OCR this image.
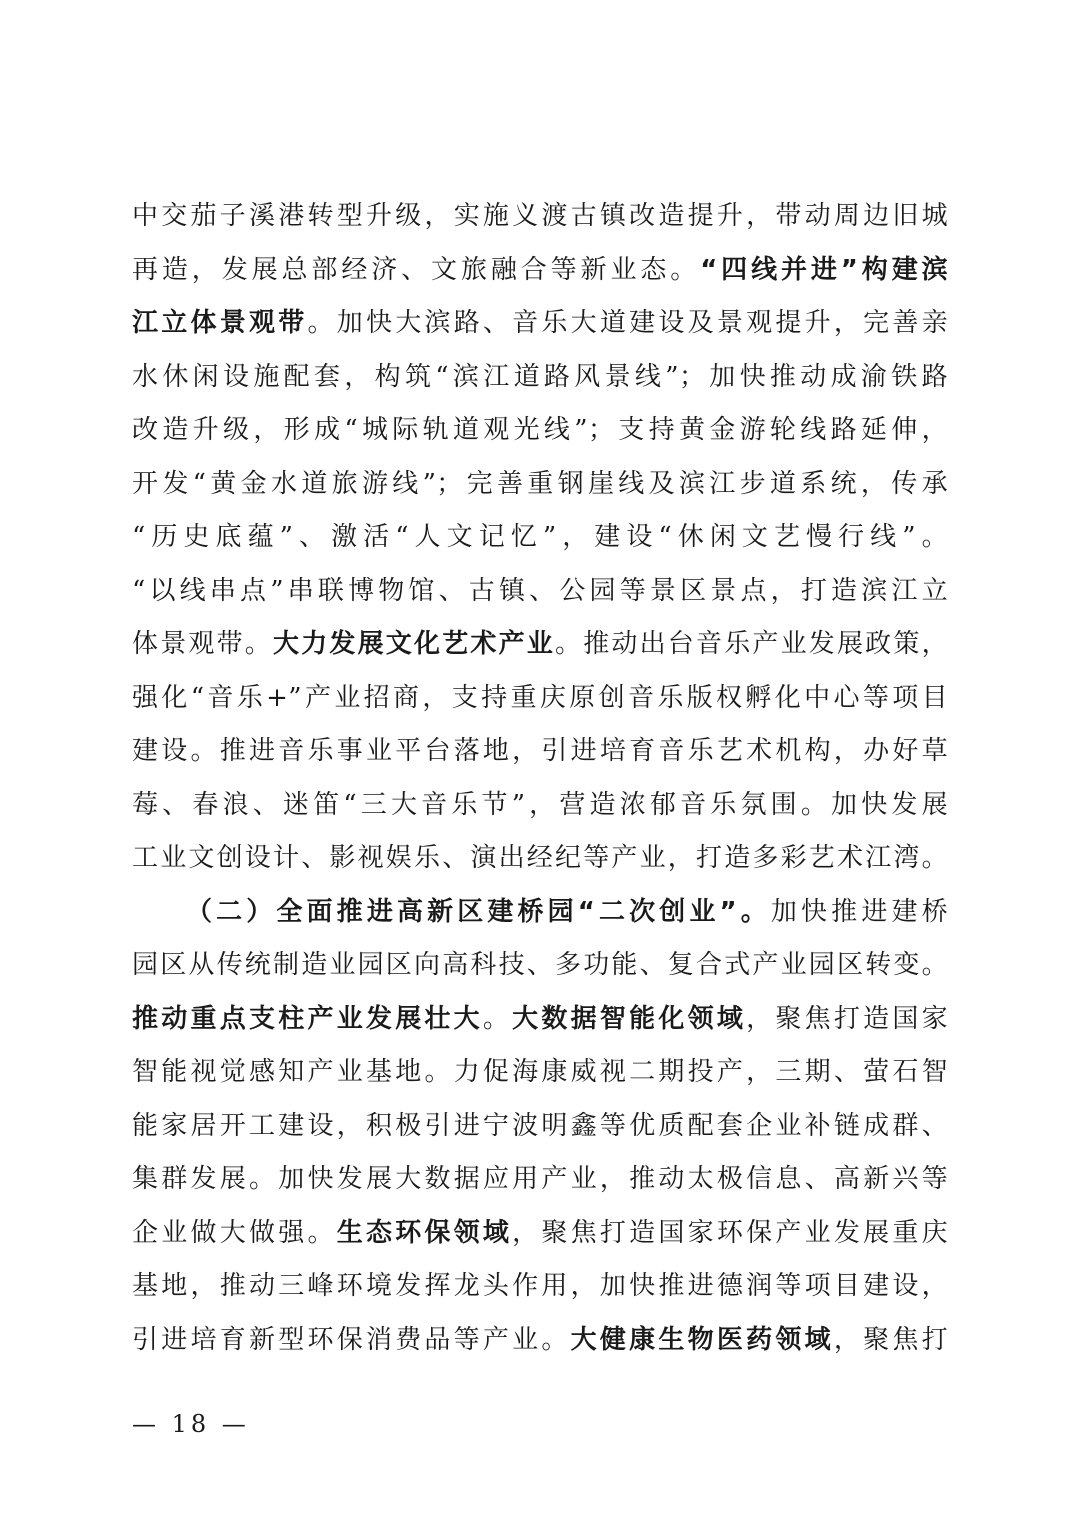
中交茄子溪港转型升级，实施义渡古镇改造提升，带动周边旧城
再造，发展总部经济、文旅融合等新业态。“四线并进”构建滨
江立体景观带。加快大滨路、音乐大道建设及景观提升，完善亲
水休闲设施配套，构筑“滨江道路风景线”；加快推动成渝铁路
改造升级，形成“城际轨道观光线”；支持黄金游轮线路延伸，
开发“黄金水道旅游线”；完善重钢崖线及滨江步道系统，传承
“历史底蕴”、激活“人文记忆”，建设“休闲文艺慢行线”。
“以线串点”串联博物馆、古镇、公园等景区景点，打造滨江立
体景观带。大力发展文化艺术产业。推动出台音乐产业发展政策，
强化“音乐+”产业招商，支持重庆原创音乐版权孵化中心等项目
建设。推进音乐事业平台落地，引进培育音乐艺术机构，办好草
莓、春浪、迷笛“三大音乐节”，营造浓郁音乐氛围。加快发展
工业文创设计、影视娱乐、演出经纪等产业，打造多彩艺术江湾。
（二）全面推进高新区建桥园“二次创业”。加快推进建桥
园区从传统制造业园区向高科技、多功能、复合式产业园区转变。
推动重点支柱产业发展壮大。大数据智能化领域，聚焦打造国家
智能视觉感知产业基地。力促海康威视二期投产，三期、萤石智
能家居开工建设，积极引进宁波明鑫等优质配套企业补链成群、
集群发展。加快发展大数据应用产业，推动太极信息、高新兴等
企业做大做强。生态环保领域，聚焦打造国家环保产业发展重庆
基地，推动三峰环境发挥龙头作用，加快推进德润等项目建设，
引进培育新型环保消费品等产业。大健康生物医药领域，聚焦打
— 18 —
